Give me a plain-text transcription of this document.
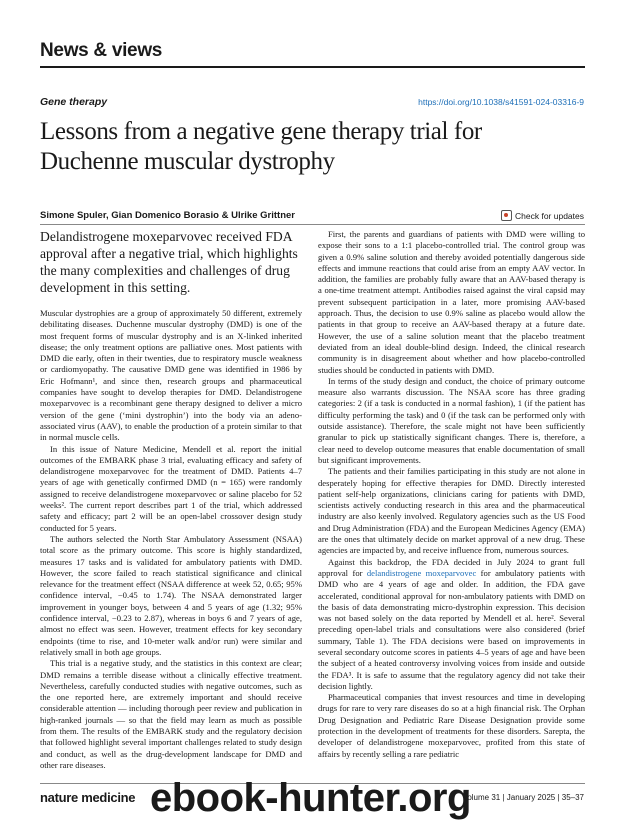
News & views
Gene therapy	https://doi.org/10.1038/s41591-024-03316-9
Lessons from a negative gene therapy trial for Duchenne muscular dystrophy
Simone Spuler, Gian Domenico Borasio & Ulrike Grittner	Check for updates
Delandistrogene moxeparvovec received FDA approval after a negative trial, which highlights the many complexities and challenges of drug development in this setting.

Muscular dystrophies are a group of approximately 50 different, extremely debilitating diseases. Duchenne muscular dystrophy (DMD) is one of the most frequent forms of muscular dystrophy and is an X-linked inherited disease; the only treatment options are palliative ones. Most patients with DMD die early, often in their twenties, due to respiratory muscle weakness or cardiomyopathy. The causative DMD gene was identified in 1986 by Eric Hofmann¹, and since then, research groups and pharmaceutical companies have sought to develop therapies for DMD. Delandistrogene moxeparvovec is a recombinant gene therapy designed to deliver a micro version of the gene (‘mini dystrophin’) into the body via an adeno-associated virus (AAV), to enable the production of a protein similar to that in normal muscle cells.

In this issue of Nature Medicine, Mendell et al. report the initial outcomes of the EMBARK phase 3 trial, evaluating efficacy and safety of delandistrogene moxeparvovec for the treatment of DMD. Patients 4–7 years of age with genetically confirmed DMD (n = 165) were randomly assigned to receive delandistrogene moxeparvovec or saline placebo for 52 weeks². The current report describes part 1 of the trial, which addressed safety and efficacy; part 2 will be an open-label crossover design study conducted for 5 years.

The authors selected the North Star Ambulatory Assessment (NSAA) total score as the primary outcome. This score is highly standardized, measures 17 tasks and is validated for ambulatory patients with DMD. However, the score failed to reach statistical significance and clinical relevance for the treatment effect (NSAA difference at week 52, 0.65; 95% confidence interval, −0.45 to 1.74). The NSAA demonstrated larger improvement in younger boys, between 4 and 5 years of age (1.32; 95% confidence interval, −0.23 to 2.87), whereas in boys 6 and 7 years of age, almost no effect was seen. However, treatment effects for key secondary endpoints (time to rise, and 10-meter walk and/or run) were similar and relatively small in both age groups.

This trial is a negative study, and the statistics in this context are clear; DMD remains a terrible disease without a clinically effective treatment. Nevertheless, carefully conducted studies with negative outcomes, such as the one reported here, are extremely important and should receive considerable attention — including thorough peer review and publication in high-ranked journals — so that the field may learn as much as possible from them. The results of the EMBARK study and the regulatory decision that followed highlight several important challenges related to study design and conduct, as well as the drug-development landscape for DMD and other rare diseases.

First, the parents and guardians of patients with DMD were willing to expose their sons to a 1:1 placebo-controlled trial. The control group was given a 0.9% saline solution and thereby avoided potentially dangerous side effects and immune reactions that could arise from an empty AAV vector. In addition, the families are probably fully aware that an AAV-based therapy is a one-time treatment attempt. Antibodies raised against the viral capsid may prevent subsequent participation in a later, more promising AAV-based approach. Thus, the decision to use 0.9% saline as placebo would allow the patients in that group to receive an AAV-based therapy at a future date. However, the use of a saline solution meant that the placebo treatment deviated from an ideal double-blind design. Indeed, the clinical research community is in disagreement about whether and how placebo-controlled studies should be conducted in patients with DMD.

In terms of the study design and conduct, the choice of primary outcome measure also warrants discussion. The NSAA score has three grading categories: 2 (if a task is conducted in a normal fashion), 1 (if the patient has difficulty performing the task) and 0 (if the task can be performed only with outside assistance). Therefore, the scale might not have been sufficiently granular to pick up statistically significant changes. There is, therefore, a clear need to develop outcome measures that enable documentation of small but significant improvements.

The patients and their families participating in this study are not alone in desperately hoping for effective therapies for DMD. Directly interested patient self-help organizations, clinicians caring for patients with DMD, scientists actively conducting research in this area and the pharmaceutical industry are also keenly involved. Regulatory agencies such as the US Food and Drug Administration (FDA) and the European Medicines Agency (EMA) are the ones that ultimately decide on market approval of a new drug. These agencies are impacted by, and receive influence from, numerous sources.

Against this backdrop, the FDA decided in July 2024 to grant full approval for delandistrogene moxeparvovec for ambulatory patients with DMD who are 4 years of age and older. In addition, the FDA gave accelerated, conditional approval for non-ambulatory patients with DMD on the basis of data demonstrating micro-dystrophin expression. This decision was not based solely on the data reported by Mendell et al. here². Several preceding open-label trials and consultations were also considered (brief summary, Table 1). The FDA decisions were based on improvements in several secondary outcome scores in patients 4–5 years of age and have been the subject of a heated controversy involving voices from inside and outside the FDA³. It is safe to assume that the regulatory agency did not take their decision lightly.

Pharmaceutical companies that invest resources and time in developing drugs for rare to very rare diseases do so at a high financial risk. The Orphan Drug Designation and Pediatric Rare Disease Designation provide some protection in the development of treatments for these disorders. Sarepta, the developer of delandistrogene moxeparvovec, profited from this state of affairs by recently selling a rare pediatric

nature medicine ebook-hunter.org
Volume 31 | January 2025 | 35–37
